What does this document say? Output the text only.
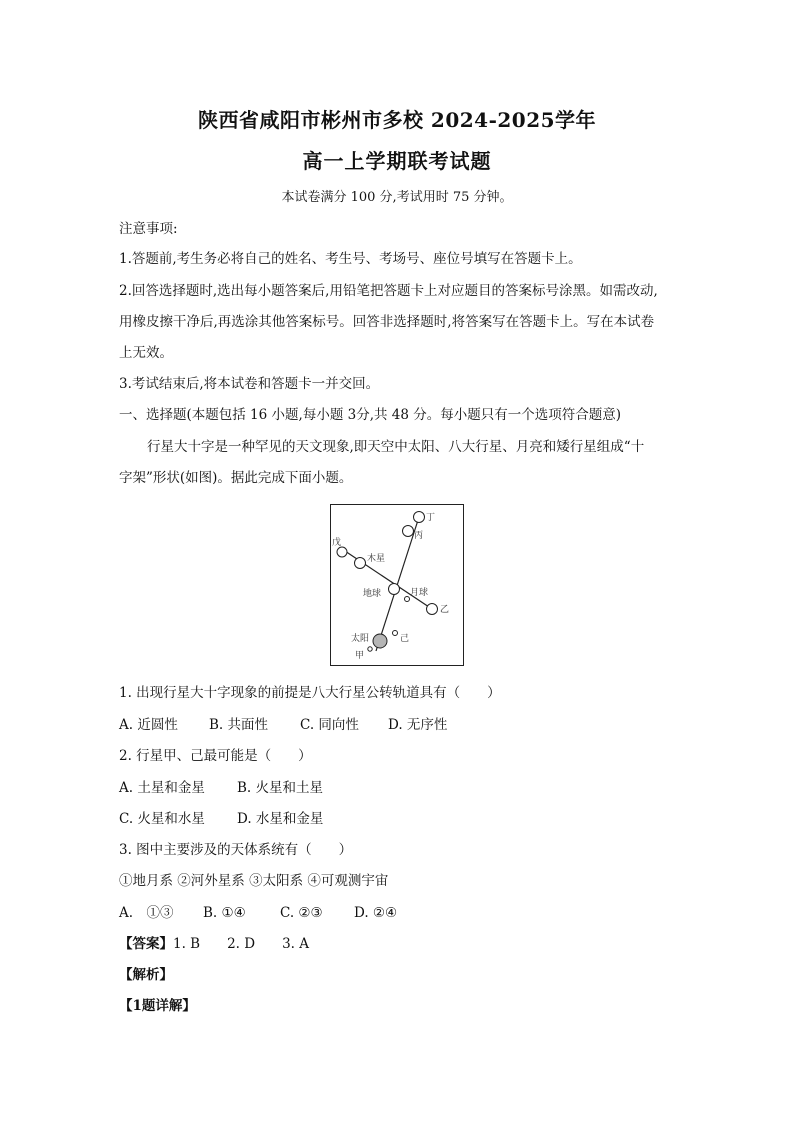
陕西省咸阳市彬州市多校 2024-2025学年
高一上学期联考试题
本试卷满分 100 分,考试用时 75 分钟。
注意事项:
1.答题前,考生务必将自己的姓名、考生号、考场号、座位号填写在答题卡上。
2.回答选择题时,选出每小题答案后,用铅笔把答题卡上对应题目的答案标号涂黑。如需改动,
用橡皮擦干净后,再选涂其他答案标号。回答非选择题时,将答案写在答题卡上。写在本试卷
上无效。
3.考试结束后,将本试卷和答题卡一并交回。
一、选择题(本题包括 16 小题,每小题 3分,共 48 分。每小题只有一个选项符合题意)
行星大十字是一种罕见的天文现象,即天空中太阳、八大行星、月亮和矮行星组成“十
字架”形状(如图)。据此完成下面小题。
丁
丙
戊
木星
地球	月球
乙
太阳	己
甲
1. 出现行星大十字现象的前提是八大行星公转轨道具有（　　）
A. 近圆性 B. 共面性 C. 同向性 D. 无序性
2. 行星甲、己最可能是（　　）
A. 土星和金星 B. 火星和土星
C. 火星和水星 D. 水星和金星
3. 图中主要涉及的天体系统有（　　）
①地月系 ②河外星系 ③太阳系 ④可观测宇宙
A.　①③ B. ①④	C. ②③ D. ②④
【答案】1. B　　2. D　　3. A
【解析】
【1题详解】
